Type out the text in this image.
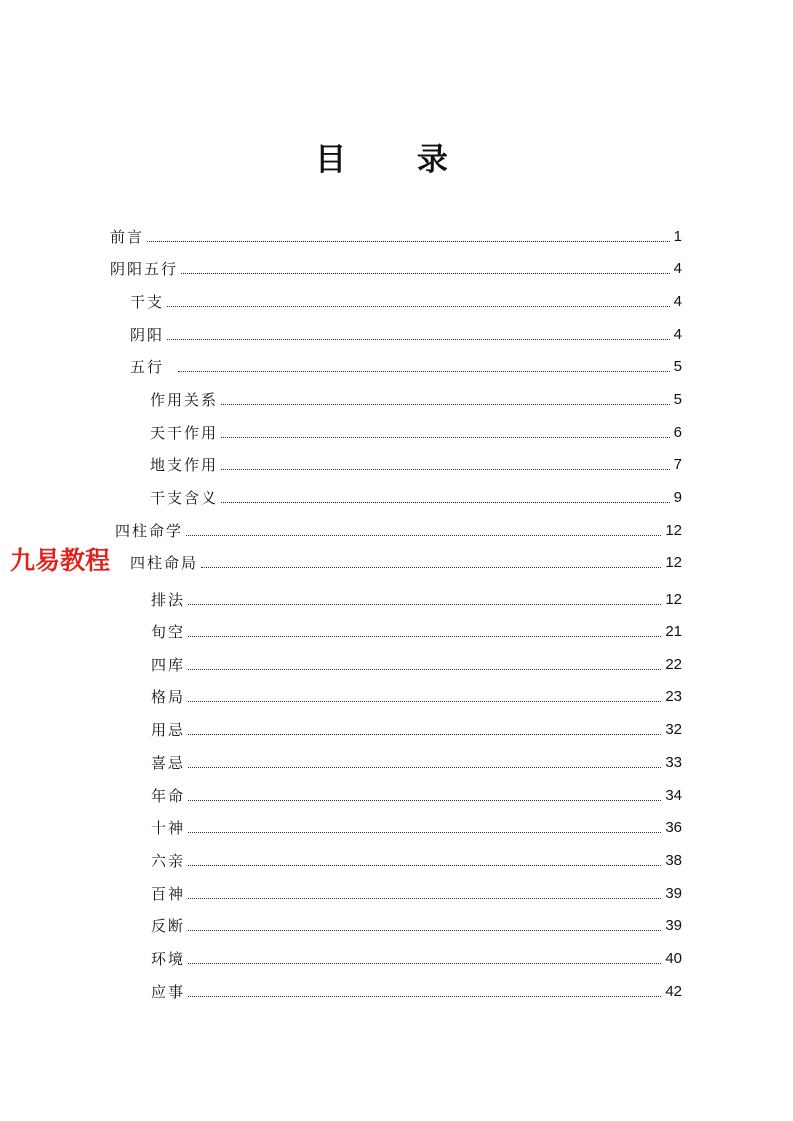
目 录
前言	1
阴阳五行	4
干支	4
阴阳	4
五行	5
作用关系	5
天干作用	6
地支作用	7
干支含义	9
四柱命学	12
四柱命局	12
排法	12
旬空	21
四库	22
格局	23
用忌	32
喜忌	33
年命	34
十神	36
六亲	38
百神	39
反断	39
环境	40
应事	42
九易教程
